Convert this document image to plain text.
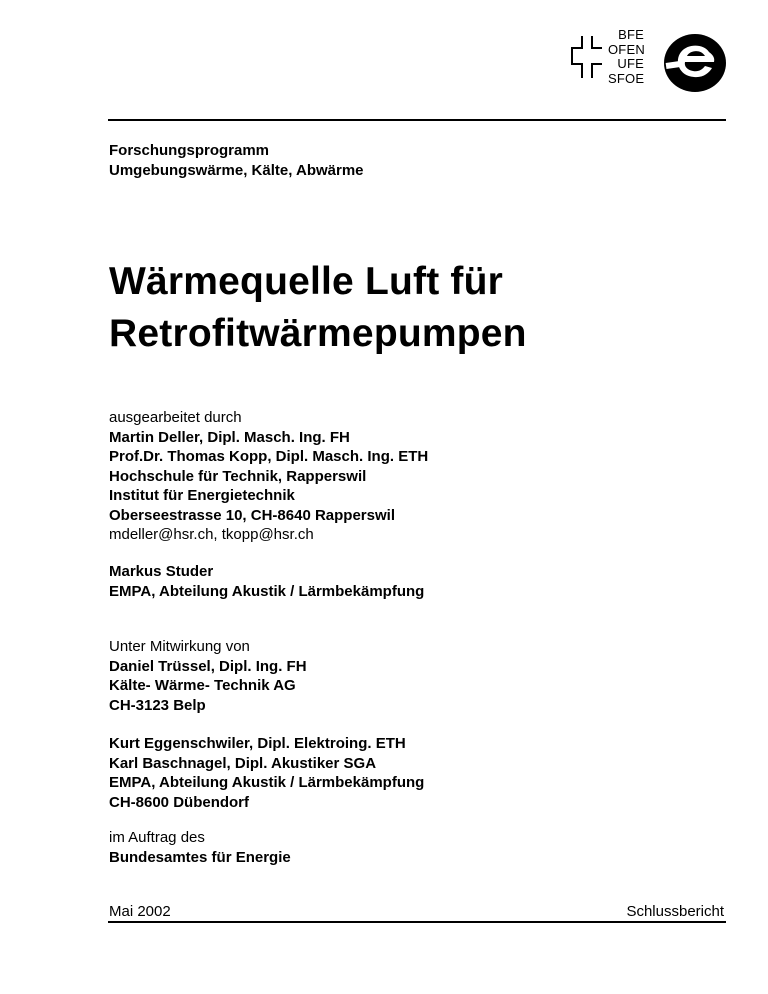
BFE
OFEN
UFE
SFOE
Forschungsprogramm
Umgebungswärme, Kälte, Abwärme
Wärmequelle Luft für
Retrofitwärmepumpen
ausgearbeitet durch
Martin Deller, Dipl. Masch. Ing. FH
Prof.Dr. Thomas Kopp, Dipl. Masch. Ing. ETH
Hochschule für Technik, Rapperswil
Institut für Energietechnik
Oberseestrasse 10, CH-8640 Rapperswil
mdeller@hsr.ch, tkopp@hsr.ch
Markus Studer
EMPA, Abteilung Akustik / Lärmbekämpfung
Unter Mitwirkung von
Daniel Trüssel, Dipl. Ing. FH
Kälte- Wärme- Technik AG
CH-3123 Belp
Kurt Eggenschwiler, Dipl. Elektroing. ETH
Karl Baschnagel, Dipl. Akustiker SGA
EMPA, Abteilung Akustik / Lärmbekämpfung
CH-8600 Dübendorf
im Auftrag des
Bundesamtes für Energie
Mai 2002	Schlussbericht
